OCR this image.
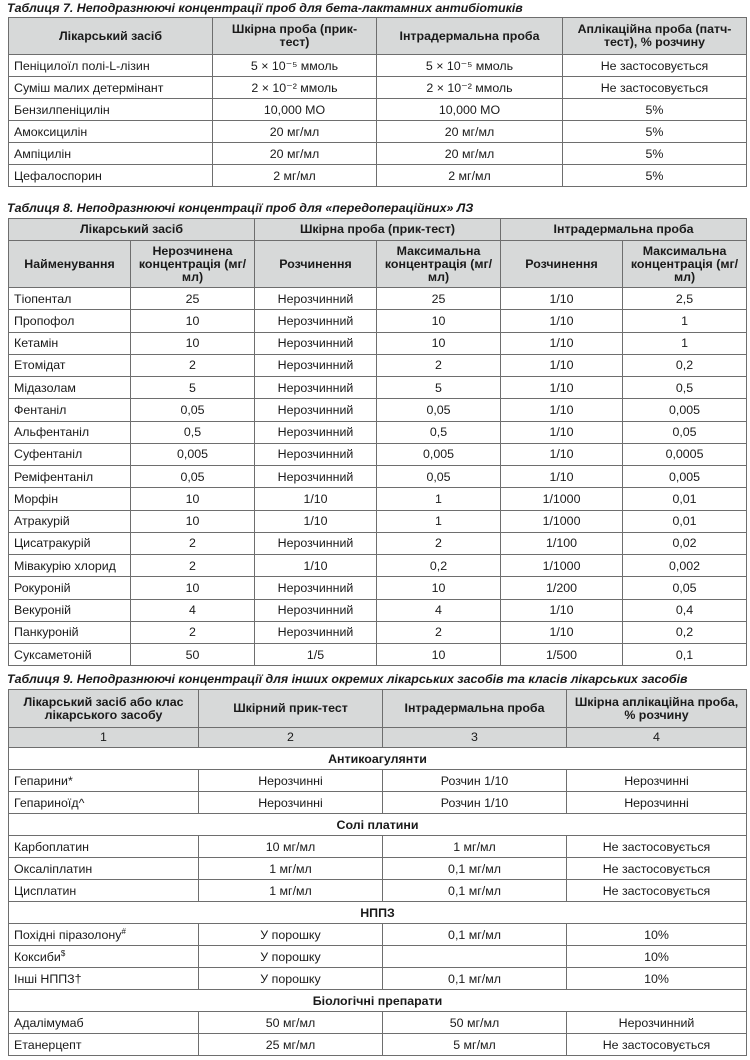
Таблиця 7. Неподразнюючі концентрації проб для бета-лактамних антибіотиків
Лікарський засіб	Шкірна проба (прик-тест)	Інтрадермальна проба	Аплікаційна проба (патч-тест), % розчину
Пеніцилоїл полі-L-лізин	5 × 10⁻⁵ ммоль	5 × 10⁻⁵ ммоль	Не застосовується
Суміш малих детермінант	2 × 10⁻² ммоль	2 × 10⁻² ммоль	Не застосовується
Бензилпеніцилін	10,000 МО	10,000 МО	5%
Амоксицилін	20 мг/мл	20 мг/мл	5%
Ампіцилін	20 мг/мл	20 мг/мл	5%
Цефалоспорин	2 мг/мл	2 мг/мл	5%
Таблиця 8. Неподразнюючі концентрації проб для «передопераційних» ЛЗ
Лікарський засіб		Шкірна проба (прик-тест)		Інтрадермальна проба	
Найменування	Нерозчинена концентрація (мг/мл)	Розчинення	Максимальна концентрація (мг/мл)	Розчинення	Максимальна концентрація (мг/мл)
Тіопентал	25	Нерозчинний	25	1/10	2,5
Пропофол	10	Нерозчинний	10	1/10	1
Кетамін	10	Нерозчинний	10	1/10	1
Етомідат	2	Нерозчинний	2	1/10	0,2
Мідазолам	5	Нерозчинний	5	1/10	0,5
Фентаніл	0,05	Нерозчинний	0,05	1/10	0,005
Альфентаніл	0,5	Нерозчинний	0,5	1/10	0,05
Суфентаніл	0,005	Нерозчинний	0,005	1/10	0,0005
Реміфентаніл	0,05	Нерозчинний	0,05	1/10	0,005
Морфін	10	1/10	1	1/1000	0,01
Атракурій	10	1/10	1	1/1000	0,01
Цисатракурій	2	Нерозчинний	2	1/100	0,02
Мівакурію хлорид	2	1/10	0,2	1/1000	0,002
Рокуроній	10	Нерозчинний	10	1/200	0,05
Векуроній	4	Нерозчинний	4	1/10	0,4
Панкуроній	2	Нерозчинний	2	1/10	0,2
Суксаметоній	50	1/5	10	1/500	0,1
Таблиця 9. Неподразнюючі концентрації для інших окремих лікарських засобів та класів лікарських засобів
Лікарський засіб або клас лікарського засобу	Шкірний прик-тест	Інтрадермальна проба	Шкірна аплікаційна проба, % розчину
1	2	3	4
Антикоагулянти			
Гепарини*	Нерозчинні	Розчин 1/10	Нерозчинні
Гепариноїд^	Нерозчинні	Розчин 1/10	Нерозчинні
Солі платини			
Карбоплатин	10 мг/мл	1 мг/мл	Не застосовується
Оксаліплатин	1 мг/мл	0,1 мг/мл	Не застосовується
Цисплатин	1 мг/мл	0,1 мг/мл	Не застосовується
НППЗ			
Похідні піразолону#	У порошку	0,1 мг/мл	10%
Коксиби$	У порошку		10%
Інші НППЗ†	У порошку	0,1 мг/мл	10%
Біологічні препарати			
Адалімумаб	50 мг/мл	50 мг/мл	Нерозчинний
Етанерцепт	25 мг/мл	5 мг/мл	Не застосовується
